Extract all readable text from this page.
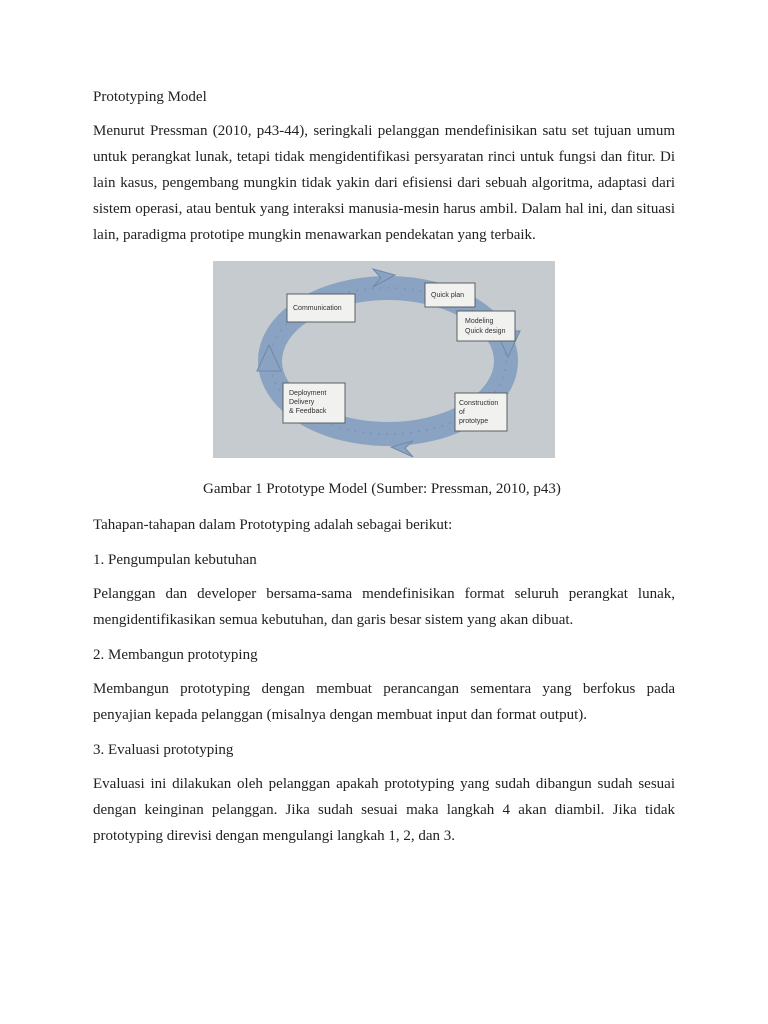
Prototyping Model

Menurut Pressman (2010, p43-44), seringkali pelanggan mendefinisikan satu set tujuan umum untuk perangkat lunak, tetapi tidak mengidentifikasi persyaratan rinci untuk fungsi dan fitur. Di lain kasus, pengembang mungkin tidak yakin dari efisiensi dari sebuah algoritma, adaptasi dari sistem operasi, atau bentuk yang interaksi manusia-mesin harus ambil. Dalam hal ini, dan situasi lain, paradigma prototipe mungkin menawarkan pendekatan yang terbaik.

Communication
Quick plan
Modeling
Quick design
Construction
of
prototype
Deployment
Delivery
& Feedback

Gambar 1 Prototype Model (Sumber: Pressman, 2010, p43)

Tahapan-tahapan dalam Prototyping adalah sebagai berikut:

1. Pengumpulan kebutuhan

Pelanggan dan developer bersama-sama mendefinisikan format seluruh perangkat lunak, mengidentifikasikan semua kebutuhan, dan garis besar sistem yang akan dibuat.

2. Membangun prototyping

Membangun prototyping dengan membuat perancangan sementara yang berfokus pada penyajian kepada pelanggan (misalnya dengan membuat input dan format output).

3. Evaluasi prototyping

Evaluasi ini dilakukan oleh pelanggan apakah prototyping yang sudah dibangun sudah sesuai dengan keinginan pelanggan. Jika sudah sesuai maka langkah 4 akan diambil. Jika tidak prototyping direvisi dengan mengulangi langkah 1, 2, dan 3.
